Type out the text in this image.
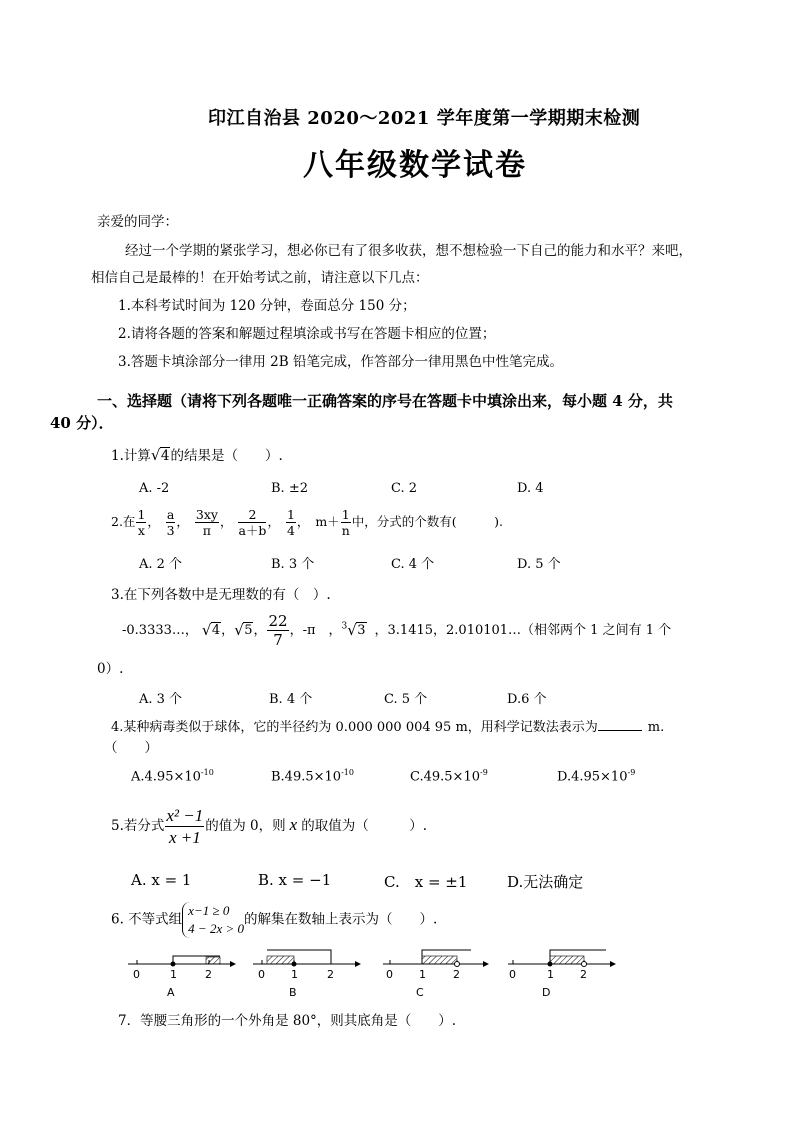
印江自治县 2020～2021 学年度第一学期期末检测
八年级数学试卷
亲爱的同学：
经过一个学期的紧张学习，想必你已有了很多收获，想不想检验一下自己的能力和水平？来吧，
相信自己是最棒的！在开始考试之前，请注意以下几点：
1.本科考试时间为 120 分钟，卷面总分 150 分；
2.请将各题的答案和解题过程填涂或书写在答题卡相应的位置；
3.答题卡填涂部分一律用 2B 铅笔完成，作答部分一律用黑色中性笔完成。
一、选择题（请将下列各题唯一正确答案的序号在答题卡中填涂出来，每小题 4 分，共
40 分）．
1.计算 √ 4的结果是（　　）.
A. -2	B. ±2	C. 2	D. 4
2.在 $\frac{1}{x}$ ， $\frac{a}{3}$ ， $\frac{3xy}{\pi}$ ， $\frac{2}{a+b}$ ， $\frac{1}{4}$ ， $m+ \frac{1}{n}$ 中，分式的个数有(　　　).
A. 2 个	B. 3 个	C. 4 个	D. 5 个
3.在下列各数中是无理数的有（　）.
-0.3333…， √ 4， √ 5， $\frac{22}{7}$ ，-π　，$^3$ √ 3 ，3.1415，2.010101…（相邻两个 1 之间有 1 个
0）.
A. 3 个	B. 4 个	C. 5 个	D.6 个
4.某种病毒类似于球体，它的半径约为 0.000 000 004 95 m，用科学记数法表示为	m.
（　　）
$A.4.95\times 10^{-10}$	$B.49.5\times 10^{-10}$	$C.49.5\times 10^{-9}$	$D.4.95\times 10^{-9}$
5.若分式 $\frac{\text{x² −1}}{x +1}$ 的值为 0，则 x 的取值为（　　　）.
A. x = 1	B. x = −1	C.　x = ±1	D.无法确定
6. 不等式组
x−1 ≥ 0
4 − 2x > 0
的解集在数轴上表示为（　　）.
0	1	2
A
0 1	2
B
0 1 2
C
0	1 2
D
7．等腰三角形的一个外角是 80°，则其底角是（　　）.
